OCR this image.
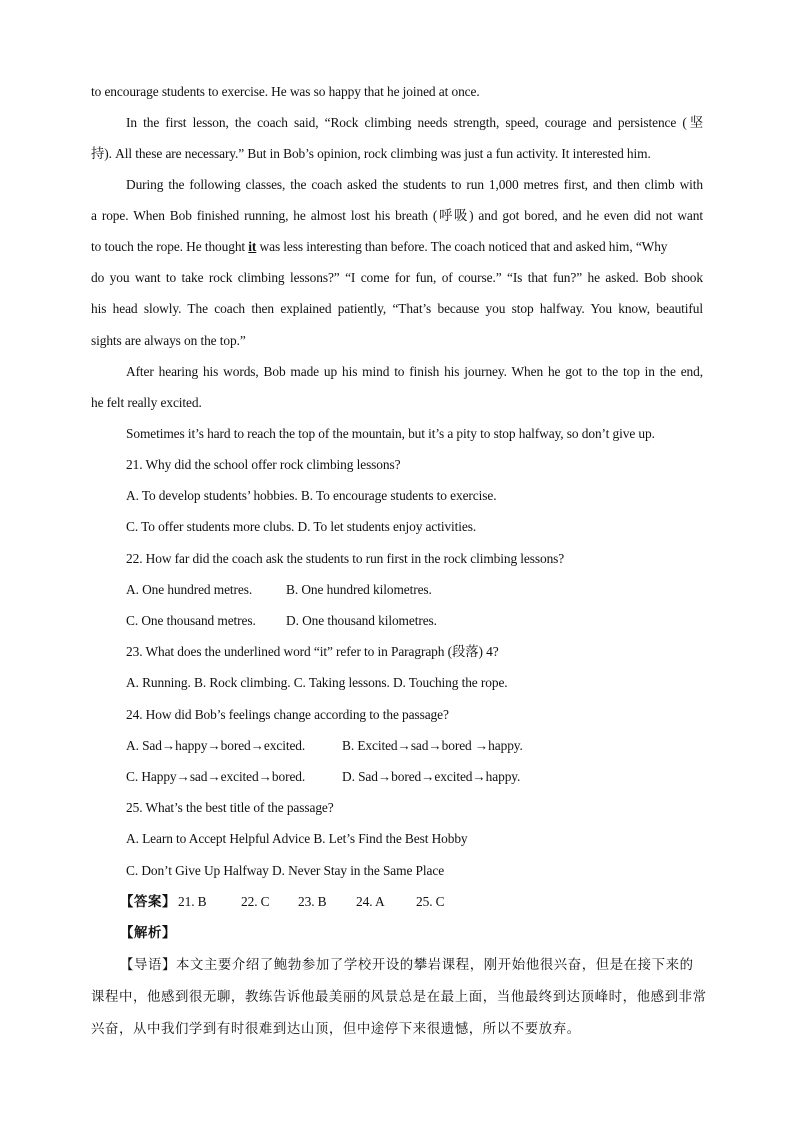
to encourage students to exercise. He was so happy that he joined at once.
In the first lesson, the coach said, “Rock climbing needs strength, speed, courage and persistence (坚
持). All these are necessary.” But in Bob’s opinion, rock climbing was just a fun activity. It interested him.
During the following classes, the coach asked the students to run 1,000 metres first, and then climb with
a rope. When Bob finished running, he almost lost his breath (呼吸) and got bored, and he even did not want
to touch the rope. He thought it was less interesting than before. The coach noticed that and asked him, “Why
do you want to take rock climbing lessons?” “I come for fun, of course.” “Is that fun?” he asked. Bob shook
his head slowly. The coach then explained patiently, “That’s because you stop halfway. You know, beautiful
sights are always on the top.”
After hearing his words, Bob made up his mind to finish his journey. When he got to the top in the end,
he felt really excited.
Sometimes it’s hard to reach the top of the mountain, but it’s a pity to stop halfway, so don’t give up.
21. Why did the school offer rock climbing lessons?
A. To develop students’ hobbies. B. To encourage students to exercise.
C. To offer students more clubs. D. To let students enjoy activities.
22. How far did the coach ask the students to run first in the rock climbing lessons?
A. One hundred metres.	B. One hundred kilometres.
C. One thousand metres. D. One thousand kilometres.
23. What does the underlined word “it” refer to in Paragraph (段落) 4?
A. Running. B. Rock climbing. C. Taking lessons. D. Touching the rope.
24. How did Bob’s feelings change according to the passage?
A. Sad→happy→bored→excited.	B. Excited→sad→bored →happy.
C. Happy→sad→excited→bored.	D. Sad→bored→excited→happy.
25. What’s the best title of the passage?
A. Learn to Accept Helpful Advice B. Let’s Find the Best Hobby
C. Don’t Give Up Halfway D. Never Stay in the Same Place
【答案】 21. B	22. C 23. B 24. A 25. C
【解析】
【导语】本文主要介绍了鲍勃参加了学校开设的攀岩课程，刚开始他很兴奋，但是在接下来的
课程中，他感到很无聊，教练告诉他最美丽的风景总是在最上面，当他最终到达顶峰时，他感到非常
兴奋，从中我们学到有时很难到达山顶，但中途停下来很遗憾，所以不要放弃。
